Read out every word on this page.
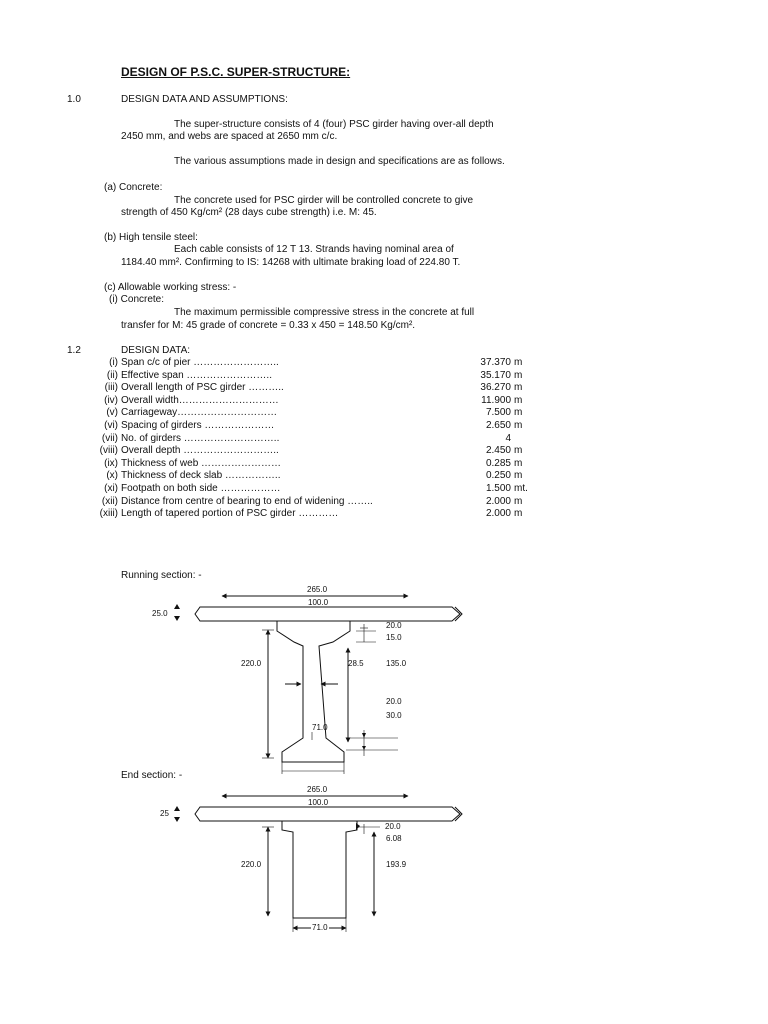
DESIGN OF P.S.C. SUPER-STRUCTURE:
1.0	DESIGN DATA AND ASSUMPTIONS:
The super-structure consists of 4 (four) PSC girder having over-all depth
2450 mm, and webs are spaced at 2650 mm c/c.
The various assumptions made in design and specifications are as follows.
(a) Concrete:
The concrete used for PSC girder will be controlled concrete to give
strength of 450 Kg/cm² (28 days cube strength) i.e. M: 45.
(b) High tensile steel:
Each cable consists of 12 T 13. Strands having nominal area of
1184.40 mm². Confirming to IS: 14268 with ultimate braking load of 224.80 T.
(c) Allowable working stress: -
(i) Concrete:
The maximum permissible compressive stress in the concrete at full
transfer for M: 45 grade of concrete = 0.33 x 450 = 148.50 Kg/cm².
1.2	DESIGN DATA:
(i) Span c/c of pier ……………………..	37.370 m
(ii) Effective span ……………………..	35.170 m
(iii) Overall length of PSC girder ………..	36.270 m
(iv) Overall width…………………………	11.900 m
(v) Carriageway…………………………	7.500 m
(vi) Spacing of girders …………………	2.650 m
(vii) No. of girders ………………………..	4
(viii) Overall depth ………………………..	2.450 m
(ix) Thickness of web ……………………	0.285 m
(x) Thickness of deck slab ……………..	0.250 m
(xi) Footpath on both side ………………	1.500 mt.
(xii) Distance from centre of bearing to end of widening ……..	2.000 m
(xiii) Length of tapered portion of PSC girder …………	2.000 m
Running section: -
End section: -
265.0
100.0
25.0
20.0
15.0
220.0	28.5	135.0
20.0
30.0
71.0
265.0
100.0
25
20.0
6.08
220.0	193.9
71.0
